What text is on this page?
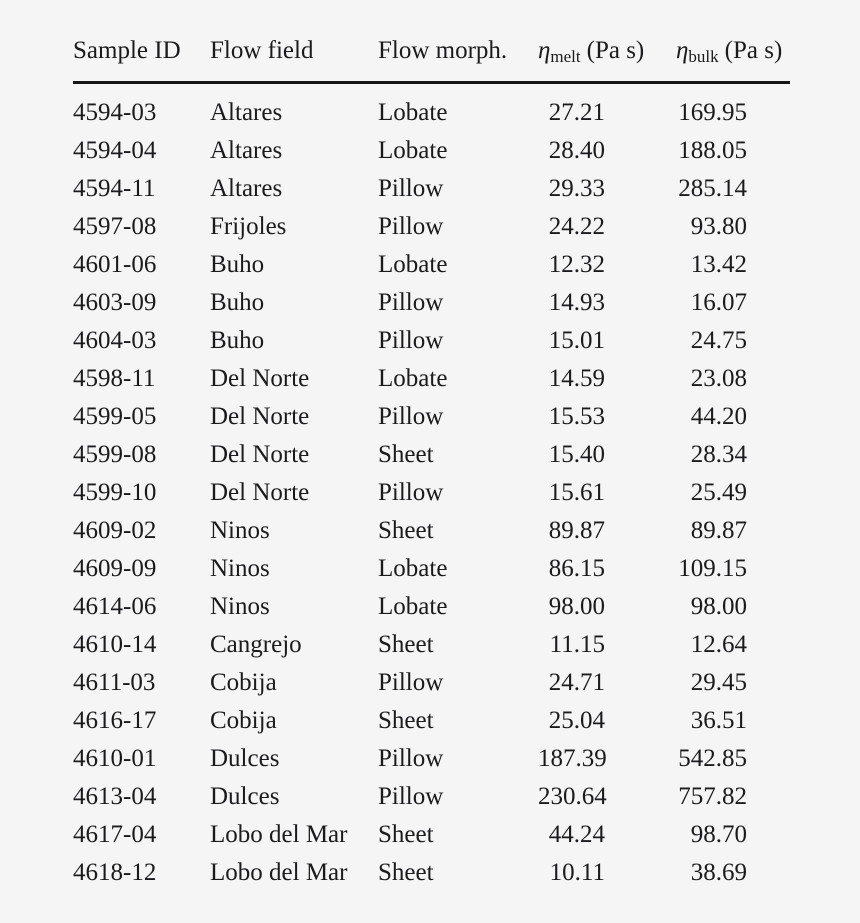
Sample ID	Flow field	Flow morph.	$\eta_{melt}$ (Pa s)	$\eta_{bulk}$ (Pa s)
4594-03	Altares	Lobate	27.21	169.95
4594-04	Altares	Lobate	28.40	188.05
4594-11	Altares	Pillow	29.33	285.14
4597-08	Frijoles	Pillow	24.22	93.80
4601-06	Buho	Lobate	12.32	13.42
4603-09	Buho	Pillow	14.93	16.07
4604-03	Buho	Pillow	15.01	24.75
4598-11	Del Norte	Lobate	14.59	23.08
4599-05	Del Norte	Pillow	15.53	44.20
4599-08	Del Norte	Sheet	15.40	28.34
4599-10	Del Norte	Pillow	15.61	25.49
4609-02	Ninos	Sheet	89.87	89.87
4609-09	Ninos	Lobate	86.15	109.15
4614-06	Ninos	Lobate	98.00	98.00
4610-14	Cangrejo	Sheet	11.15	12.64
4611-03	Cobija	Pillow	24.71	29.45
4616-17	Cobija	Sheet	25.04	36.51
4610-01	Dulces	Pillow	187.39	542.85
4613-04	Dulces	Pillow	230.64	757.82
4617-04	Lobo del Mar	Sheet	44.24	98.70
4618-12	Lobo del Mar	Sheet	10.11	38.69
